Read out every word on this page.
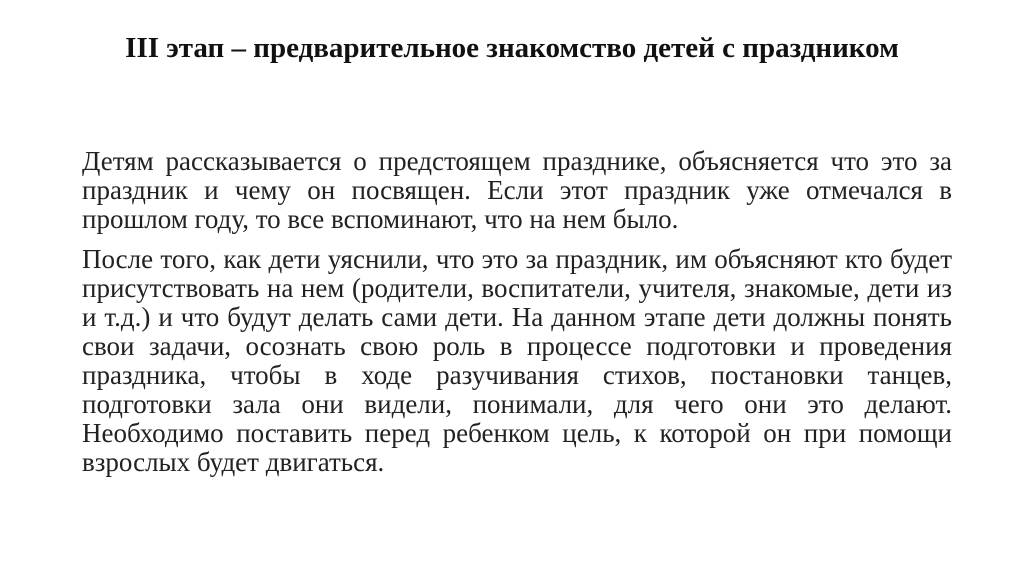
III этап – предварительное знакомство детей с праздником

Детям рассказывается о предстоящем празднике, объясняется что это за праздник и чему он посвящен. Если этот праздник уже отмечался в прошлом году, то все вспоминают, что на нем было.

После того, как дети уяснили, что это за праздник, им объясняют кто будет присутствовать на нем (родители, воспитатели, учителя, знакомые, дети из и т.д.) и что будут делать сами дети. На данном этапе дети должны понять свои задачи, осознать свою роль в процессе подготовки и проведения праздника, чтобы в ходе разучивания стихов, постановки танцев, подготовки зала они видели, понимали, для чего они это делают. Необходимо поставить перед ребенком цель, к которой он при помощи взрослых будет двигаться.
